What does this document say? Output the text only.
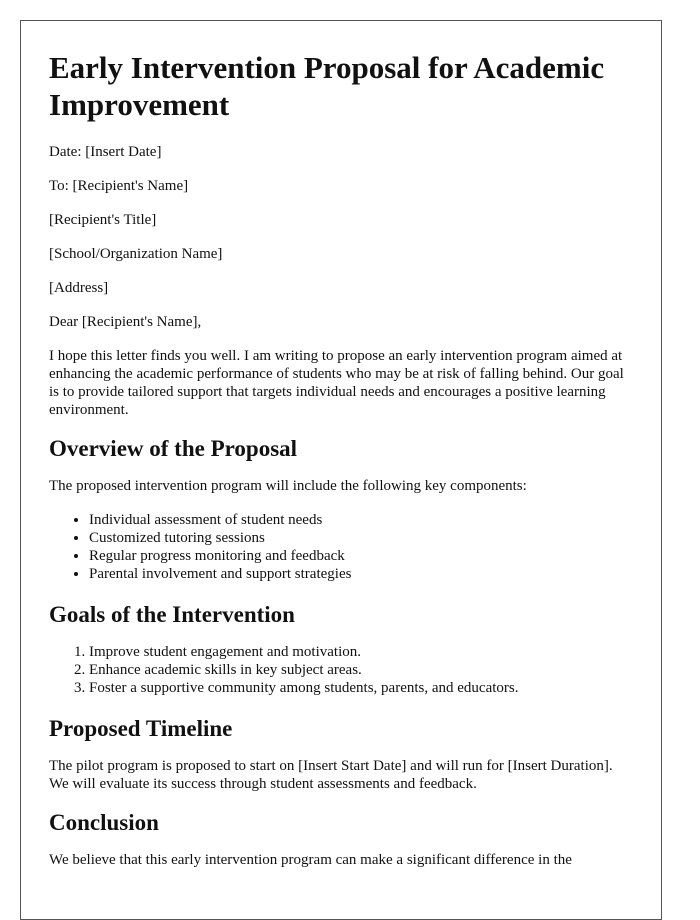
Early Intervention Proposal for Academic Improvement

Date: [Insert Date]

To: [Recipient's Name]

[Recipient's Title]

[School/Organization Name]

[Address]

Dear [Recipient's Name],

I hope this letter finds you well. I am writing to propose an early intervention program aimed at enhancing the academic performance of students who may be at risk of falling behind. Our goal is to provide tailored support that targets individual needs and encourages a positive learning environment.

Overview of the Proposal

The proposed intervention program will include the following key components:

• Individual assessment of student needs
• Customized tutoring sessions
• Regular progress monitoring and feedback
• Parental involvement and support strategies
Goals of the Intervention
1. Improve student engagement and motivation.
2. Enhance academic skills in key subject areas.
3. Foster a supportive community among students, parents, and educators.
Proposed Timeline

The pilot program is proposed to start on [Insert Start Date] and will run for [Insert Duration]. We will evaluate its success through student assessments and feedback.

Conclusion

We believe that this early intervention program can make a significant difference in the
